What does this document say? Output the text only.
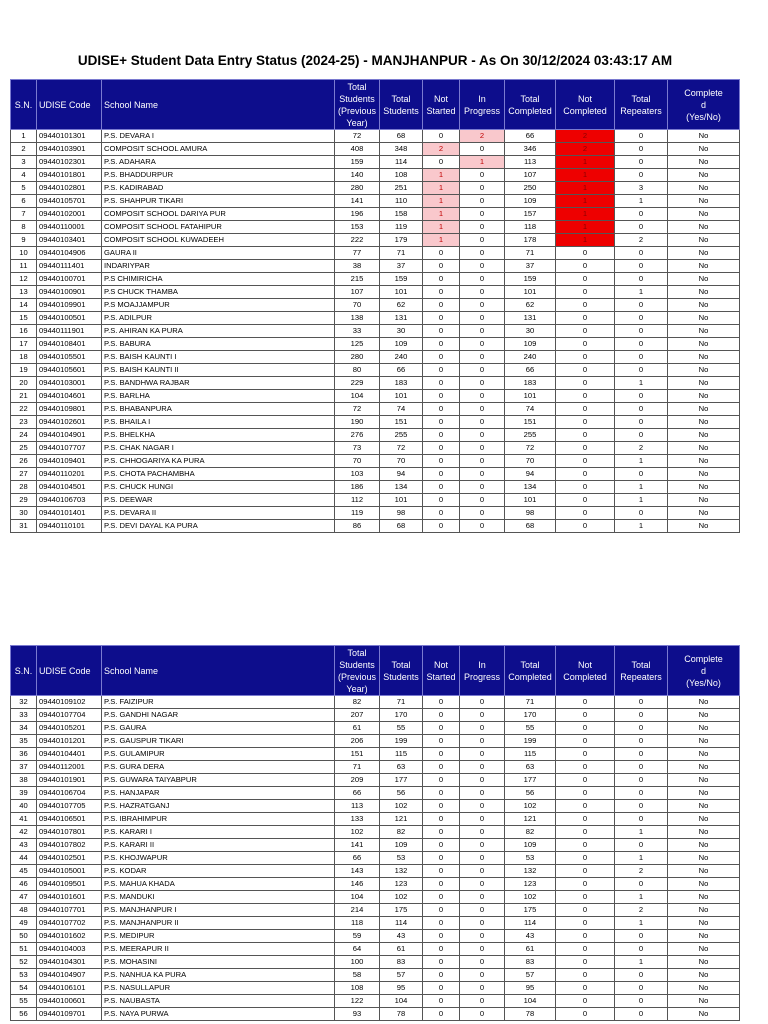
UDISE+ Student Data Entry Status (2024-25) - MANJHANPUR - As On 30/12/2024 03:43:17 AM
S.N.	UDISE Code	School Name	Total
Students
(Previous
Year)	Total
Students	Not
Started	In
Progress	Total
Completed	Not
Completed	Total
Repeaters	Complete
d
(Yes/No)
1	09440101301	P.S. DEVARA I	72	68	0	2	66	2	0	No
2	09440103901	COMPOSIT SCHOOL AMURA	408	348	2	0	346	2	0	No
3	09440102301	P.S. ADAHARA	159	114	0	1	113	1	0	No
4	09440101801	P.S. BHADDURPUR	140	108	1	0	107	1	0	No
5	09440102801	P.S. KADIRABAD	280	251	1	0	250	1	3	No
6	09440105701	P.S. SHAHPUR TIKARI	141	110	1	0	109	1	1	No
7	09440102001	COMPOSIT SCHOOL DARIYA PUR	196	158	1	0	157	1	0	No
8	09440110001	COMPOSIT SCHOOL FATAHIPUR	153	119	1	0	118	1	0	No
9	09440103401	COMPOSIT SCHOOL KUWADEEH	222	179	1	0	178	1	2	No
10	09440104906	GAURA II	77	71	0	0	71	0	0	No
11	09440111401	INDARIYPAR	38	37	0	0	37	0	0	No
12	09440100701	P.S CHIMIRICHA	215	159	0	0	159	0	0	No
13	09440100901	P.S CHUCK THAMBA	107	101	0	0	101	0	1	No
14	09440109901	P.S MOAJJAMPUR	70	62	0	0	62	0	0	No
15	09440100501	P.S. ADILPUR	138	131	0	0	131	0	0	No
16	09440111901	P.S. AHIRAN KA PURA	33	30	0	0	30	0	0	No
17	09440108401	P.S. BABURA	125	109	0	0	109	0	0	No
18	09440105501	P.S. BAISH KAUNTI I	280	240	0	0	240	0	0	No
19	09440105601	P.S. BAISH KAUNTI II	80	66	0	0	66	0	0	No
20	09440103001	P.S. BANDHWA RAJBAR	229	183	0	0	183	0	1	No
21	09440104601	P.S. BARLHA	104	101	0	0	101	0	0	No
22	09440109801	P.S. BHABANPURA	72	74	0	0	74	0	0	No
23	09440102601	P.S. BHAILA I	190	151	0	0	151	0	0	No
24	09440104901	P.S. BHELKHA	276	255	0	0	255	0	0	No
25	09440107707	P.S. CHAK NAGAR I	73	72	0	0	72	0	2	No
26	09440109401	P.S. CHHOGARIYA KA PURA	70	70	0	0	70	0	1	No
27	09440110201	P.S. CHOTA PACHAMBHA	103	94	0	0	94	0	0	No
28	09440104501	P.S. CHUCK HUNGI	186	134	0	0	134	0	1	No
29	09440106703	P.S. DEEWAR	112	101	0	0	101	0	1	No
30	09440101401	P.S. DEVARA II	119	98	0	0	98	0	0	No
31	09440110101	P.S. DEVI DAYAL KA PURA	86	68	0	0	68	0	1	No
S.N.	UDISE Code	School Name	Total
Students
(Previous
Year)	Total
Students	Not
Started	In
Progress	Total
Completed	Not
Completed	Total
Repeaters	Complete
d
(Yes/No)
32	09440109102	P.S. FAIZIPUR	82	71	0	0	71	0	0	No
33	09440107704	P.S. GANDHI NAGAR	207	170	0	0	170	0	0	No
34	09440105201	P.S. GAURA	61	55	0	0	55	0	0	No
35	09440101201	P.S. GAUSPUR TIKARI	206	199	0	0	199	0	0	No
36	09440104401	P.S. GULAMIPUR	151	115	0	0	115	0	0	No
37	09440112001	P.S. GURA DERA	71	63	0	0	63	0	0	No
38	09440101901	P.S. GUWARA TAIYABPUR	209	177	0	0	177	0	0	No
39	09440106704	P.S. HANJAPAR	66	56	0	0	56	0	0	No
40	09440107705	P.S. HAZRATGANJ	113	102	0	0	102	0	0	No
41	09440106501	P.S. IBRAHIMPUR	133	121	0	0	121	0	0	No
42	09440107801	P.S. KARARI I	102	82	0	0	82	0	1	No
43	09440107802	P.S. KARARI II	141	109	0	0	109	0	0	No
44	09440102501	P.S. KHOJWAPUR	66	53	0	0	53	0	1	No
45	09440105001	P.S. KODAR	143	132	0	0	132	0	2	No
46	09440109501	P.S. MAHUA KHADA	146	123	0	0	123	0	0	No
47	09440101601	P.S. MANDUKI	104	102	0	0	102	0	1	No
48	09440107701	P.S. MANJHANPUR I	214	175	0	0	175	0	2	No
49	09440107702	P.S. MANJHANPUR II	118	114	0	0	114	0	1	No
50	09440101602	P.S. MEDIPUR	59	43	0	0	43	0	0	No
51	09440104003	P.S. MEERAPUR II	64	61	0	0	61	0	0	No
52	09440104301	P.S. MOHASINI	100	83	0	0	83	0	1	No
53	09440104907	P.S. NANHUA KA PURA	58	57	0	0	57	0	0	No
54	09440106101	P.S. NASULLAPUR	108	95	0	0	95	0	0	No
55	09440100601	P.S. NAUBASTA	122	104	0	0	104	0	0	No
56	09440109701	P.S. NAYA PURWA	93	78	0	0	78	0	0	No
